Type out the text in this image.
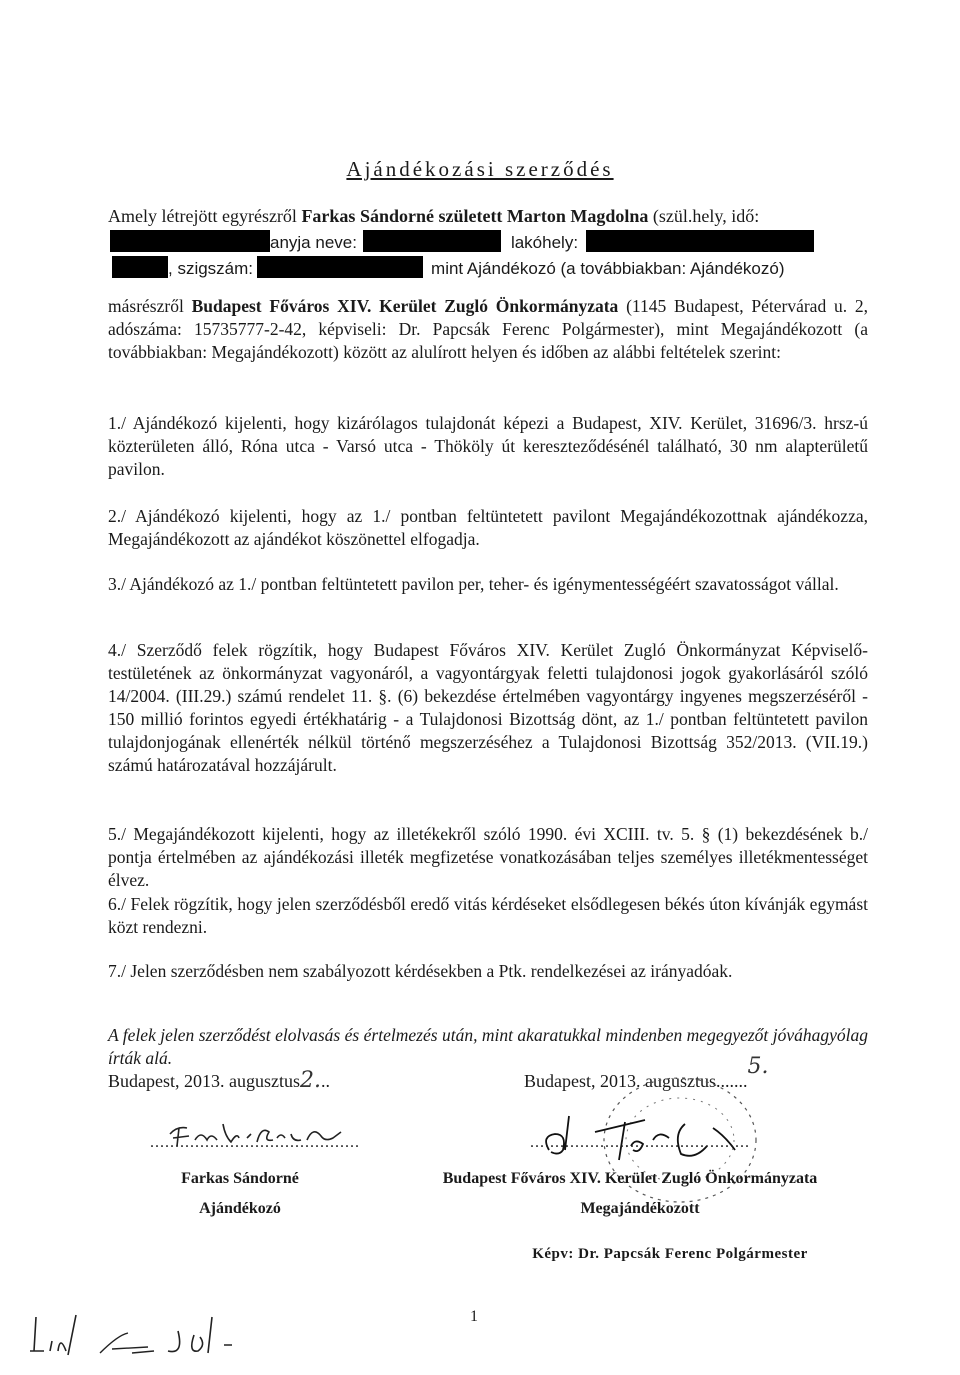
Ajándékozási szerződés
Amely létrejött egyrészről Farkas Sándorné született Marton Magdolna (szül.hely, idő:
anyja neve:	lakóhely:
, szigszám:	mint Ajándékozó (a továbbiakban: Ajándékozó)
másrészről Budapest Főváros XIV. Kerület Zugló Önkormányzata (1145 Budapest, Pétervárad u. 2, adószáma: 15735777-2-42, képviseli: Dr. Papcsák Ferenc Polgármester), mint Megajándékozott (a továbbiakban: Megajándékozott) között az alulírott helyen és időben az alábbi feltételek szerint:
1./ Ajándékozó kijelenti, hogy kizárólagos tulajdonát képezi a Budapest, XIV. Kerület, 31696/3. hrsz-ú közterületen álló, Róna utca - Varsó utca - Thököly út kereszteződésénél található, 30 nm alapterületű pavilon.
2./ Ajándékozó kijelenti, hogy az 1./ pontban feltüntetett pavilont Megajándékozottnak ajándékozza, Megajándékozott az ajándékot köszönettel elfogadja.
3./ Ajándékozó az 1./ pontban feltüntetett pavilon per, teher- és igénymentességéért szavatosságot vállal.
4./ Szerződő felek rögzítik, hogy Budapest Főváros XIV. Kerület Zugló Önkormányzat Képviselő-testületének az önkormányzat vagyonáról, a vagyontárgyak feletti tulajdonosi jogok gyakorlásáról szóló 14/2004. (III.29.) számú rendelet 11. §. (6) bekezdése értelmében vagyontárgy ingyenes megszerzéséről - 150 millió forintos egyedi értékhatárig - a Tulajdonosi Bizottság dönt, az 1./ pontban feltüntetett pavilon tulajdonjogának ellenérték nélkül történő megszerzéséhez a Tulajdonosi Bizottság 352/2013. (VII.19.) számú határozatával hozzájárult.
5./ Megajándékozott kijelenti, hogy az illetékekről szóló 1990. évi XCIII. tv. 5. § (1) bekezdésének b./ pontja értelmében az ajándékozási illeték megfizetése vonatkozásában teljes személyes illetékmentességet élvez.
6./ Felek rögzítik, hogy jelen szerződésből eredő vitás kérdéseket elsődlegesen békés úton kívánják egymást közt rendezni.
7./ Jelen szerződésben nem szabályozott kérdésekben a Ptk. rendelkezései az irányadóak.
A felek jelen szerződést elolvasás és értelmezés után, mint akaratukkal mindenben megegyezőt jóváhagyólag írták alá.
Budapest, 2013. augusztus2...	Budapest, 2013. augusztus.......5.
..........................................
Farkas Sándorné
Ajándékozó
............................................
Budapest Főváros XIV. Kerület Zugló Önkormányzata
Megajándékozott
Képv: Dr. Papcsák Ferenc Polgármester
1
